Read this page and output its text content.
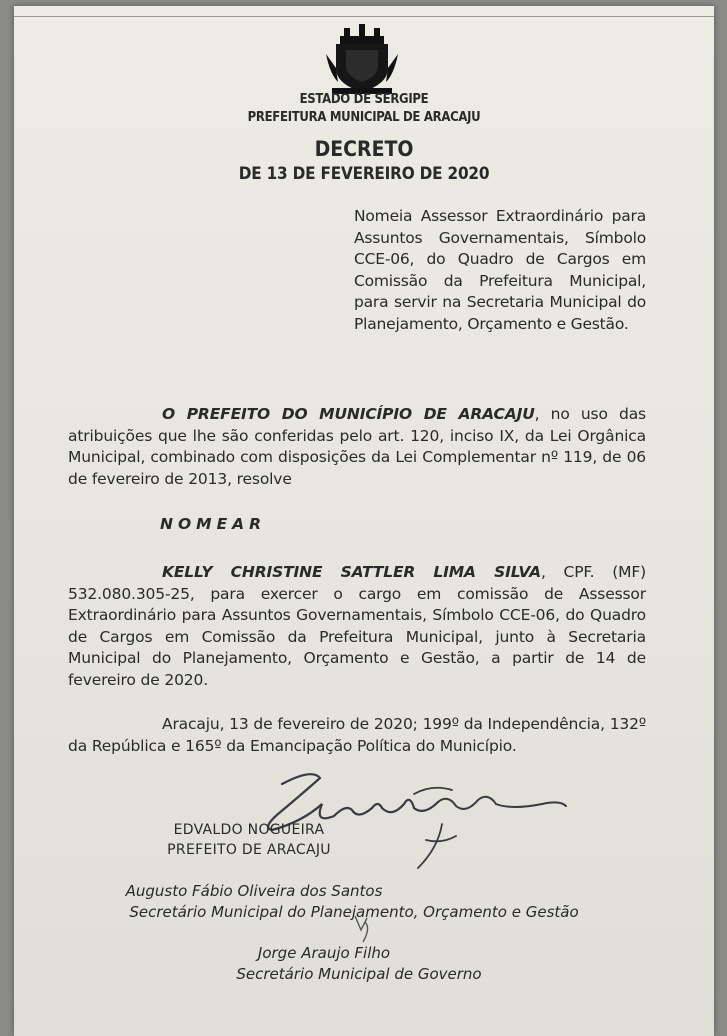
ESTADO DE SERGIPE
PREFEITURA MUNICIPAL DE ARACAJU
DECRETO
DE 13 DE FEVEREIRO DE 2020
Nomeia Assessor Extraordinário para Assuntos Governamentais, Símbolo CCE-06, do Quadro de Cargos em Comissão da Prefeitura Municipal, para servir na Secretaria Municipal do Planejamento, Orçamento e Gestão.
O PREFEITO DO MUNICÍPIO DE ARACAJU, no uso das atribuições que lhe são conferidas pelo art. 120, inciso IX, da Lei Orgânica Municipal, combinado com disposições da Lei Complementar nº 119, de 06 de fevereiro de 2013, resolve
NOMEAR
KELLY CHRISTINE SATTLER LIMA SILVA, CPF. (MF) 532.080.305-25, para exercer o cargo em comissão de Assessor Extraordinário para Assuntos Governamentais, Símbolo CCE-06, do Quadro de Cargos em Comissão da Prefeitura Municipal, junto à Secretaria Municipal do Planejamento, Orçamento e Gestão, a partir de 14 de fevereiro de 2020.
Aracaju, 13 de fevereiro de 2020; 199º da Independência, 132º da República e 165º da Emancipação Política do Município.
EDVALDO NOGUEIRA
PREFEITO DE ARACAJU
Augusto Fábio Oliveira dos Santos
Secretário Municipal do Planejamento, Orçamento e Gestão
Jorge Araujo Filho
Secretário Municipal de Governo
